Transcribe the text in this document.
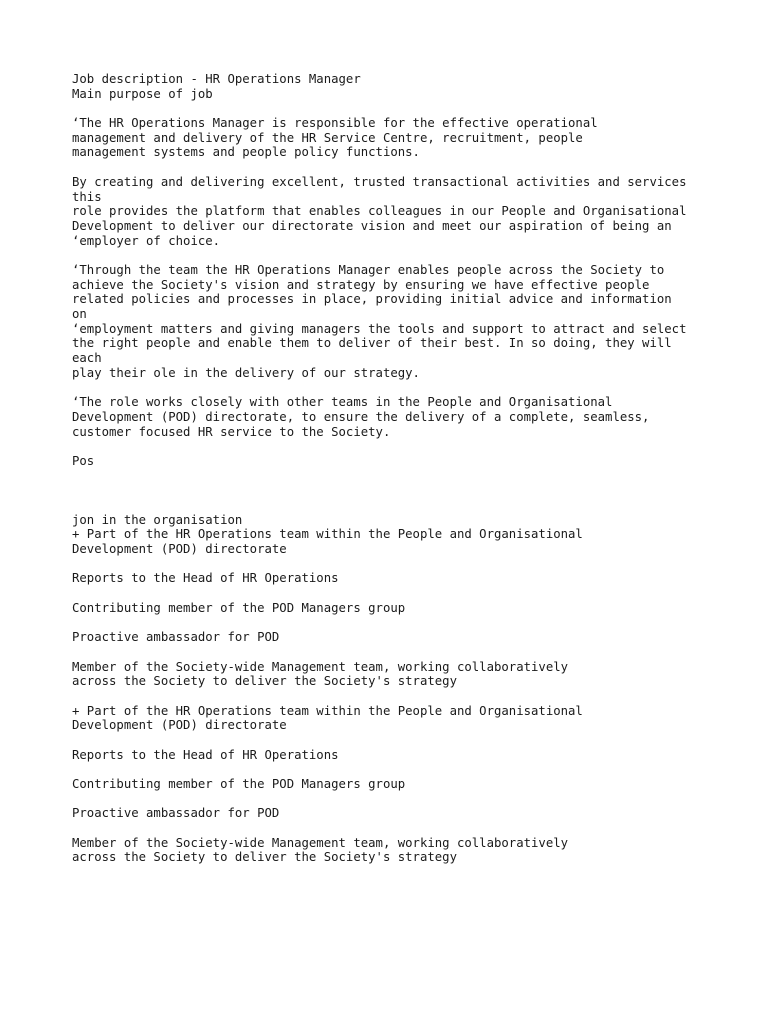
Job description - HR Operations Manager
Main purpose of job
‘The HR Operations Manager is responsible for the effective operational
management and delivery of the HR Service Centre, recruitment, people
management systems and people policy functions.
By creating and delivering excellent, trusted transactional activities and services
this
role provides the platform that enables colleagues in our People and Organisational
Development to deliver our directorate vision and meet our aspiration of being an
‘employer of choice.
‘Through the team the HR Operations Manager enables people across the Society to
achieve the Society's vision and strategy by ensuring we have effective people
related policies and processes in place, providing initial advice and information
on
‘employment matters and giving managers the tools and support to attract and select
the right people and enable them to deliver of their best. In so doing, they will
each
play their ole in the delivery of our strategy.
‘The role works closely with other teams in the People and Organisational
Development (POD) directorate, to ensure the delivery of a complete, seamless,
customer focused HR service to the Society.
Pos
jon in the organisation
+ Part of the HR Operations team within the People and Organisational
Development (POD) directorate
Reports to the Head of HR Operations
Contributing member of the POD Managers group
Proactive ambassador for POD
Member of the Society-wide Management team, working collaboratively
across the Society to deliver the Society's strategy
+ Part of the HR Operations team within the People and Organisational
Development (POD) directorate
Reports to the Head of HR Operations
Contributing member of the POD Managers group
Proactive ambassador for POD
Member of the Society-wide Management team, working collaboratively
across the Society to deliver the Society's strategy
